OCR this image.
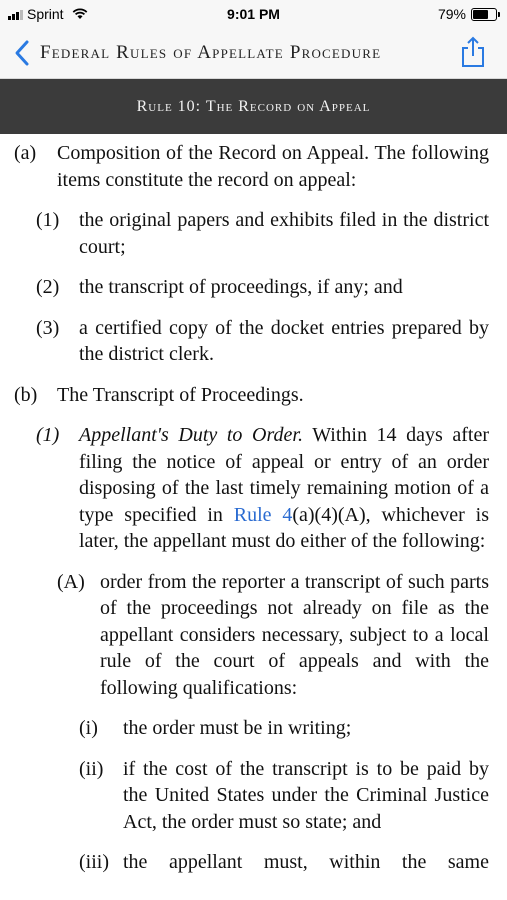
Sprint	9:01 PM	79%
Federal Rules of Appellate Procedure
Rule 10: The Record on Appeal
(a) Composition of the Record on Appeal. The following items constitute the record on appeal:
(1) the original papers and exhibits filed in the district court;
(2) the transcript of proceedings, if any; and
(3) a certified copy of the docket entries prepared by the district clerk.
(b) The Transcript of Proceedings.
(1) Appellant's Duty to Order. Within 14 days after filing the notice of appeal or entry of an order disposing of the last timely remaining motion of a type specified in Rule 4(a)(4)(A), whichever is later, the appellant must do either of the following:
(A) order from the reporter a transcript of such parts of the proceedings not already on file as the appellant considers necessary, subject to a local rule of the court of appeals and with the following qualifications:
(i) the order must be in writing;
(ii) if the cost of the transcript is to be paid by the United States under the Criminal Justice Act, the order must so state; and
(iii) the appellant must, within the same
